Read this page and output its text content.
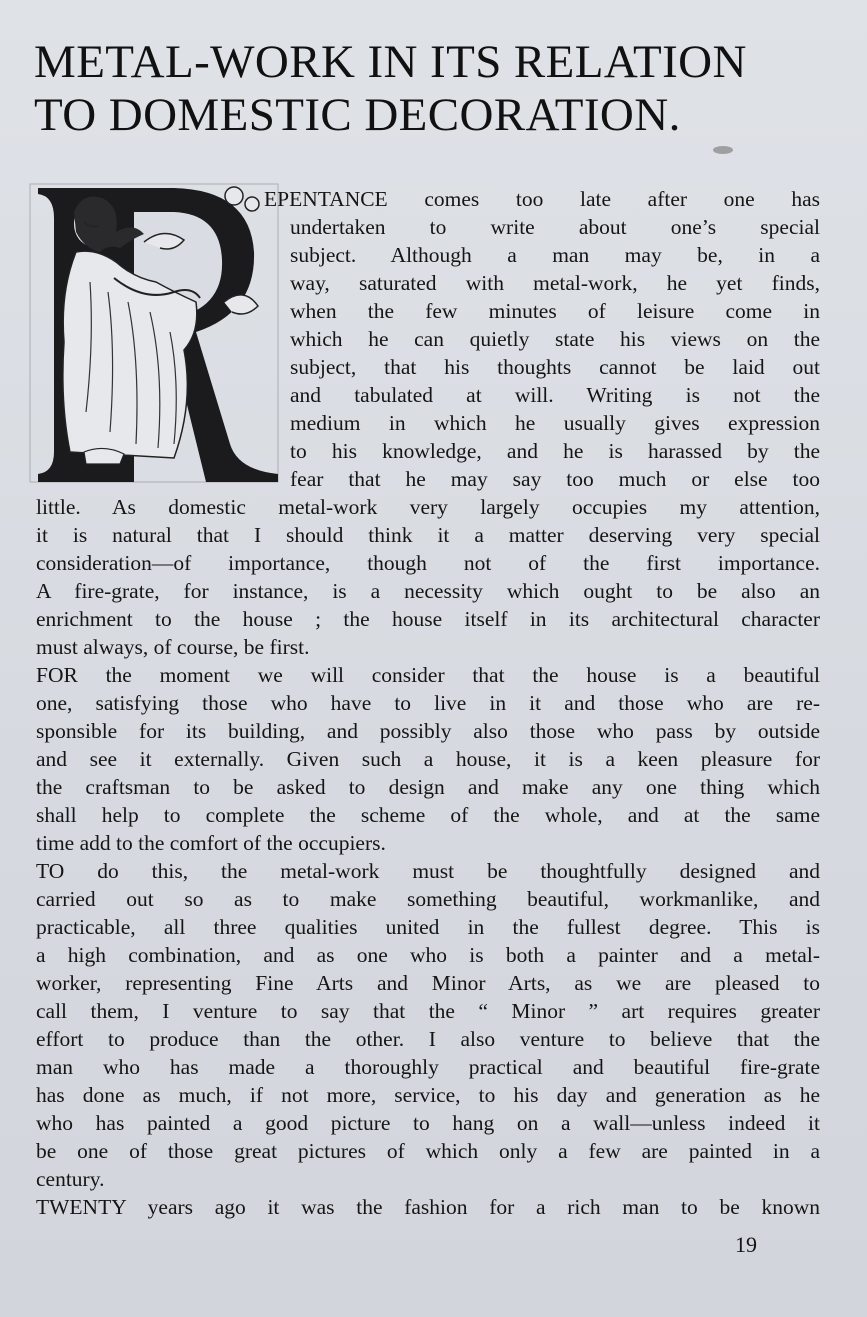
METAL-WORK IN ITS RELATION
TO DOMESTIC DECORATION.
EPENTANCE comes too late after one has
undertaken to write about one’s special
subject. Although a man may be, in a
way, saturated with metal-work, he yet finds,
when the few minutes of leisure come in
which he can quietly state his views on the
subject, that his thoughts cannot be laid out
and tabulated at will. Writing is not the
medium in which he usually gives expression
to his knowledge, and he is harassed by the
fear that he may say too much or else too
little. As domestic metal-work very largely occupies my attention,
it is natural that I should think it a matter deserving very special
consideration—of importance, though not of the first importance.
A fire-grate, for instance, is a necessity which ought to be also an
enrichment to the house ; the house itself in its architectural character
must always, of course, be first.
FOR the moment we will consider that the house is a beautiful
one, satisfying those who have to live in it and those who are re-
sponsible for its building, and possibly also those who pass by outside
and see it externally. Given such a house, it is a keen pleasure for
the craftsman to be asked to design and make any one thing which
shall help to complete the scheme of the whole, and at the same
time add to the comfort of the occupiers.
TO do this, the metal-work must be thoughtfully designed and
carried out so as to make something beautiful, workmanlike, and
practicable, all three qualities united in the fullest degree. This is
a high combination, and as one who is both a painter and a metal-
worker, representing Fine Arts and Minor Arts, as we are pleased to
call them, I venture to say that the “ Minor ” art requires greater
effort to produce than the other. I also venture to believe that the
man who has made a thoroughly practical and beautiful fire-grate
has done as much, if not more, service, to his day and generation as he
who has painted a good picture to hang on a wall—unless indeed it
be one of those great pictures of which only a few are painted in a
century.
TWENTY years ago it was the fashion for a rich man to be known
19
